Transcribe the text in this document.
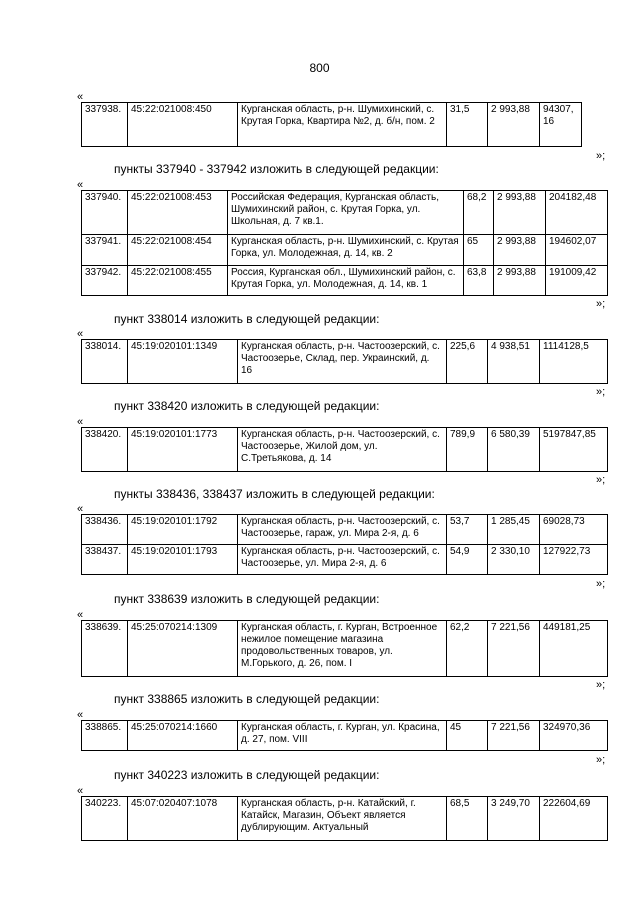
800
«
337938.	45:22:021008:450	Курганская область, р-н. Шумихинский, с. Крутая Горка, Квартира №2, д. б/н, пом. 2	31,5	2 993,88	94307,16
»;
пункты 337940 - 337942 изложить в следующей редакции:
«
337940.	45:22:021008:453	Российская Федерация, Курганская область, Шумихинский район, с. Крутая Горка, ул. Школьная, д. 7 кв.1.	68,2	2 993,88	204182,48
337941.	45:22:021008:454	Курганская область, р-н. Шумихинский, с. Крутая Горка, ул. Молодежная, д. 14, кв. 2	65	2 993,88	194602,07
337942.	45:22:021008:455	Россия, Курганская обл., Шумихинский район, с. Крутая Горка, ул. Молодежная, д. 14, кв. 1	63,8	2 993,88	191009,42
»;
пункт 338014 изложить в следующей редакции:
«
338014.	45:19:020101:1349	Курганская область, р-н. Частоозерский, с. Частоозерье, Склад, пер. Украинский, д. 16	225,6	4 938,51	1114128,5
»;
пункт 338420 изложить в следующей редакции:
«
338420.	45:19:020101:1773	Курганская область, р-н. Частоозерский, с. Частоозерье, Жилой дом, ул. С.Третьякова, д. 14	789,9	6 580,39	5197847,85
»;
пункты 338436, 338437 изложить в следующей редакции:
«
338436.	45:19:020101:1792	Курганская область, р-н. Частоозерский, с. Частоозерье, гараж, ул. Мира 2-я, д. 6	53,7	1 285,45	69028,73
338437.	45:19:020101:1793	Курганская область, р-н. Частоозерский, с. Частоозерье, ул. Мира 2-я, д. 6	54,9	2 330,10	127922,73
»;
пункт 338639 изложить в следующей редакции:
«
338639.	45:25:070214:1309	Курганская область, г. Курган, Встроенное нежилое помещение магазина продовольственных товаров, ул. М.Горького, д. 26, пом. I	62,2	7 221,56	449181,25
»;
пункт 338865 изложить в следующей редакции:
«
338865.	45:25:070214:1660	Курганская область, г. Курган, ул. Красина, д. 27, пом. VIII	45	7 221,56	324970,36
»;
пункт 340223 изложить в следующей редакции:
«
340223.	45:07:020407:1078	Курганская область, р-н. Катайский, г. Катайск, Магазин, Объект является дублирующим. Актуальный	68,5	3 249,70	222604,69
